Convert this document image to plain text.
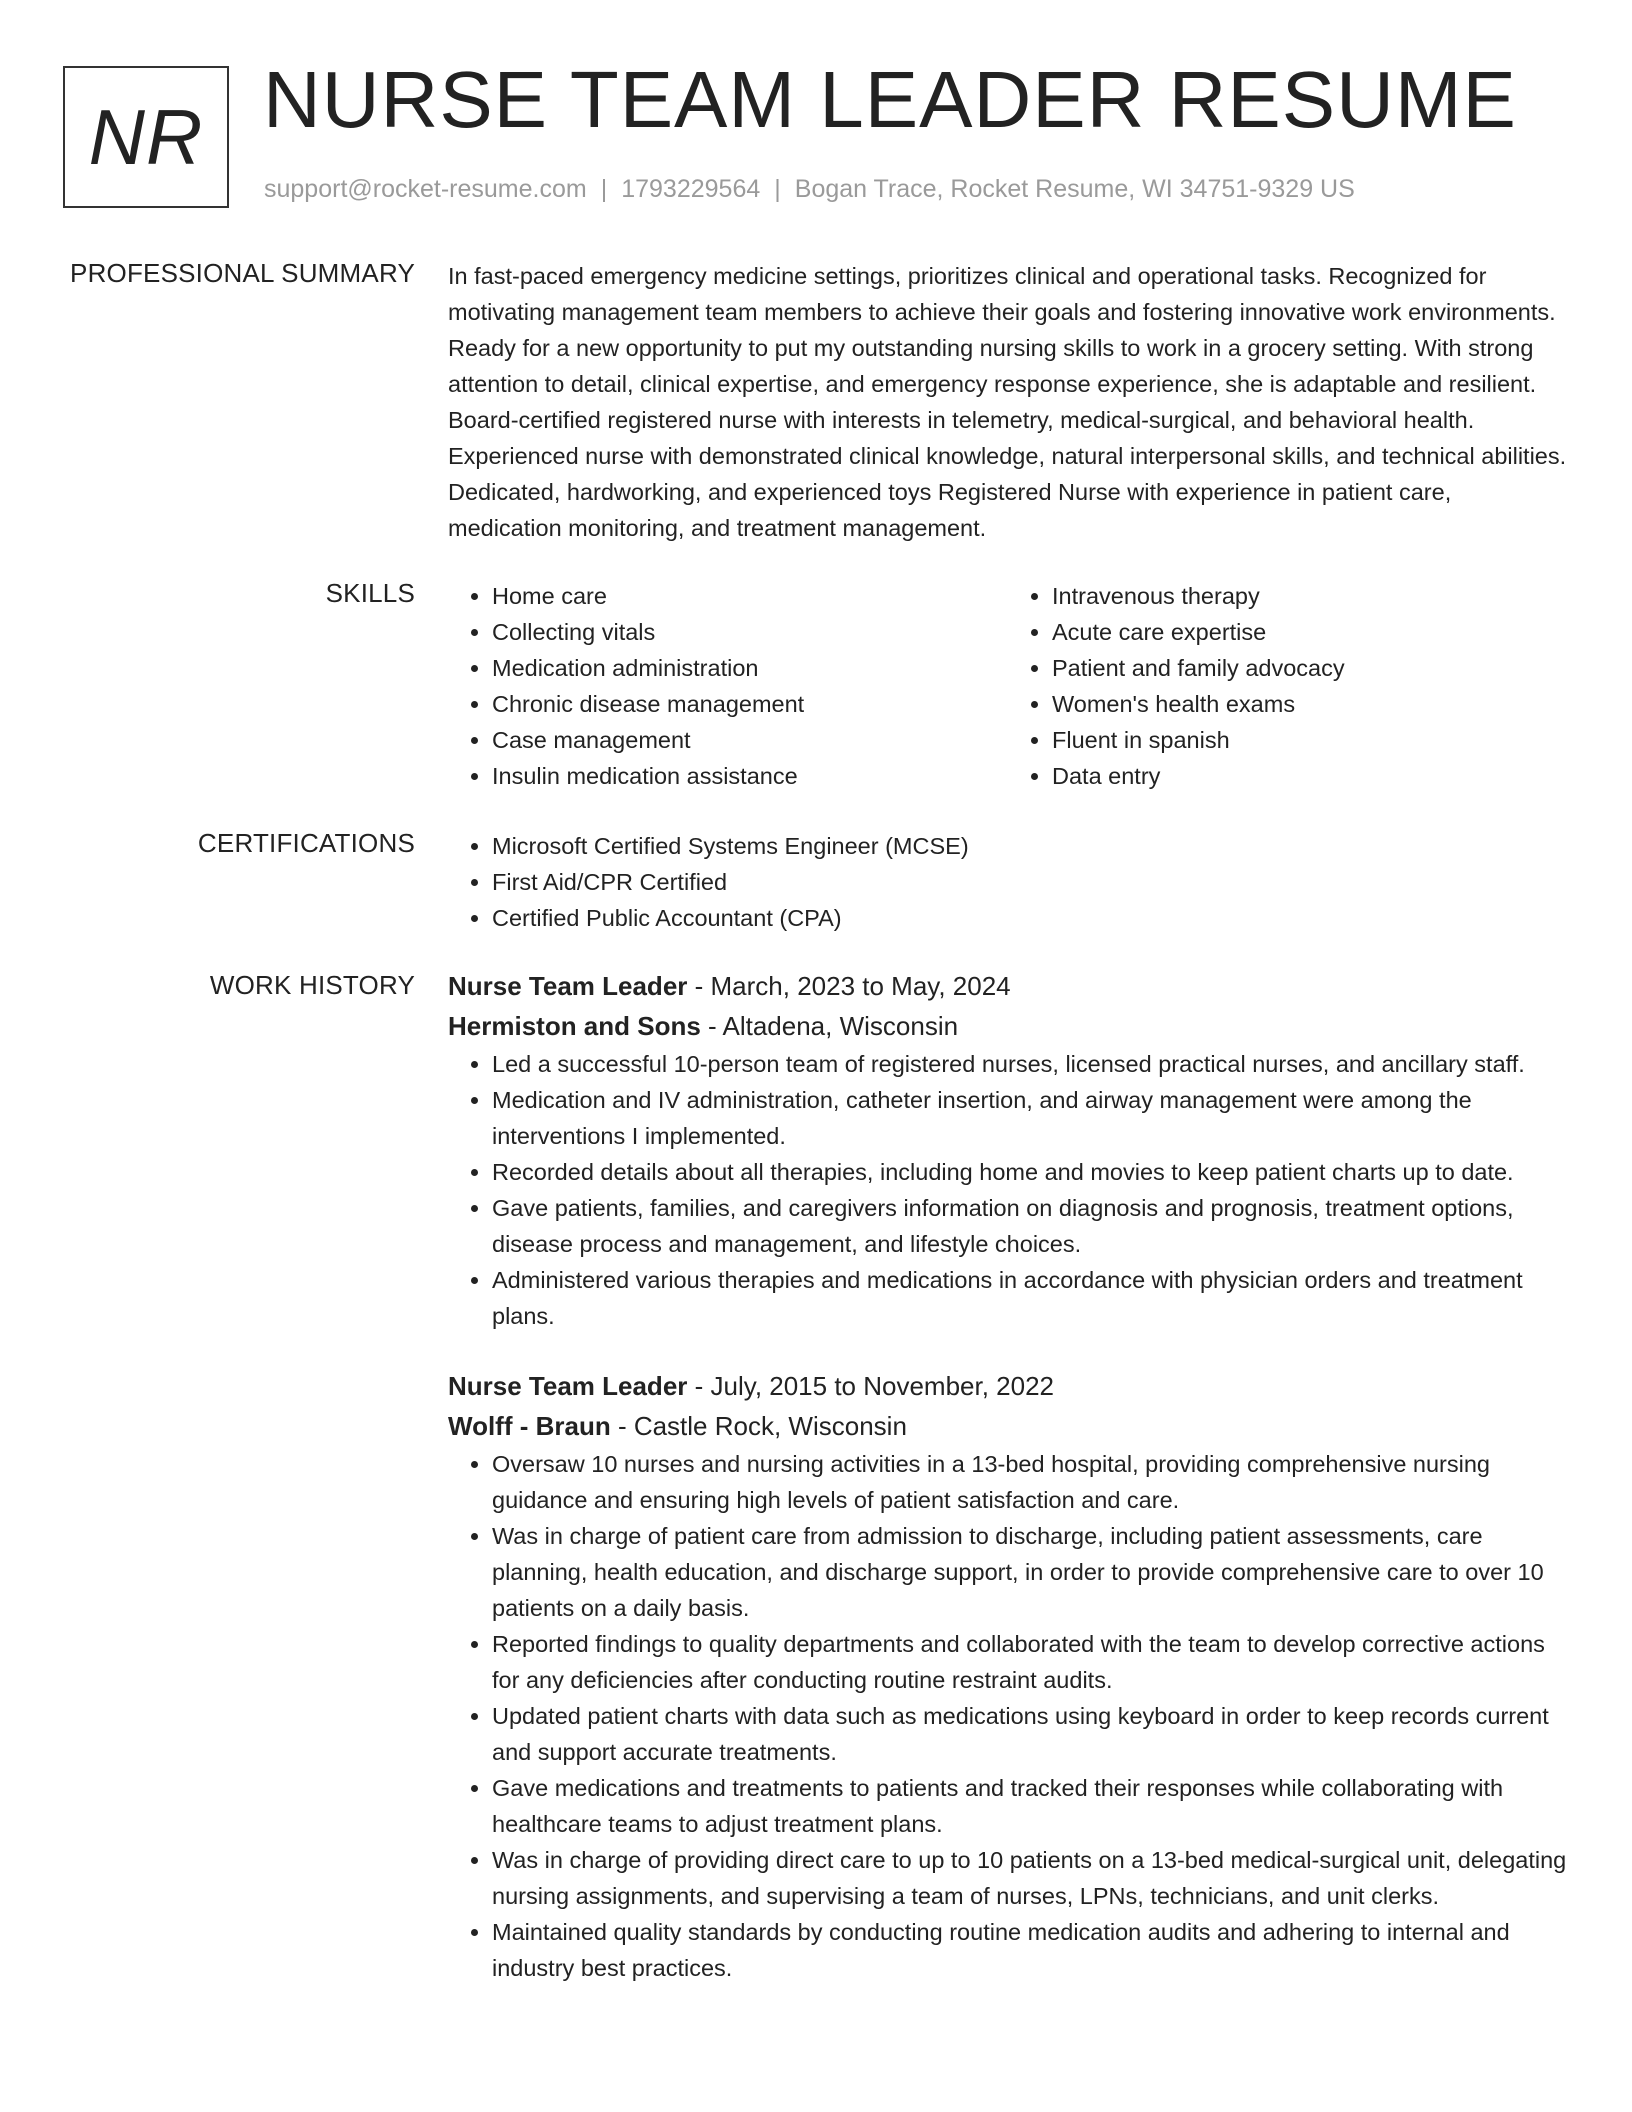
NR NURSE TEAM LEADER RESUME
support@rocket-resume.com | 1793229564 | Bogan Trace, Rocket Resume, WI 34751-9329 US
PROFESSIONAL SUMMARY In fast-paced emergency medicine settings, prioritizes clinical and operational tasks. Recognized for motivating management team members to achieve their goals and fostering innovative work environments. Ready for a new opportunity to put my outstanding nursing skills to work in a grocery setting. With strong attention to detail, clinical expertise, and emergency response experience, she is adaptable and resilient. Board-certified registered nurse with interests in telemetry, medical-surgical, and behavioral health. Experienced nurse with demonstrated clinical knowledge, natural interpersonal skills, and technical abilities. Dedicated, hardworking, and experienced toys Registered Nurse with experience in patient care, medication monitoring, and treatment management.

SKILLS	• Home care
• Collecting vitals
• Medication administration
• Chronic disease management
• Case management
• Insulin medication assistance
• Intravenous therapy
• Acute care expertise
• Patient and family advocacy
• Women's health exams
• Fluent in spanish
• Data entry
CERTIFICATIONS	• Microsoft Certified Systems Engineer (MCSE)
• First Aid/CPR Certified
• Certified Public Accountant (CPA)
WORK HISTORY Nurse Team Leader - March, 2023 to May, 2024
Hermiston and Sons - Altadena, Wisconsin
• Led a successful 10-person team of registered nurses, licensed practical nurses, and ancillary staff.
• Medication and IV administration, catheter insertion, and airway management were among the interventions I implemented.
• Recorded details about all therapies, including home and movies to keep patient charts up to date.
• Gave patients, families, and caregivers information on diagnosis and prognosis, treatment options, disease process and management, and lifestyle choices.
• Administered various therapies and medications in accordance with physician orders and treatment plans.
Nurse Team Leader - July, 2015 to November, 2022
Wolff - Braun - Castle Rock, Wisconsin
• Oversaw 10 nurses and nursing activities in a 13-bed hospital, providing comprehensive nursing guidance and ensuring high levels of patient satisfaction and care.
• Was in charge of patient care from admission to discharge, including patient assessments, care planning, health education, and discharge support, in order to provide comprehensive care to over 10 patients on a daily basis.
• Reported findings to quality departments and collaborated with the team to develop corrective actions for any deficiencies after conducting routine restraint audits.
• Updated patient charts with data such as medications using keyboard in order to keep records current and support accurate treatments.
• Gave medications and treatments to patients and tracked their responses while collaborating with healthcare teams to adjust treatment plans.
• Was in charge of providing direct care to up to 10 patients on a 13-bed medical-surgical unit, delegating nursing assignments, and supervising a team of nurses, LPNs, technicians, and unit clerks.
• Maintained quality standards by conducting routine medication audits and adhering to internal and industry best practices.
